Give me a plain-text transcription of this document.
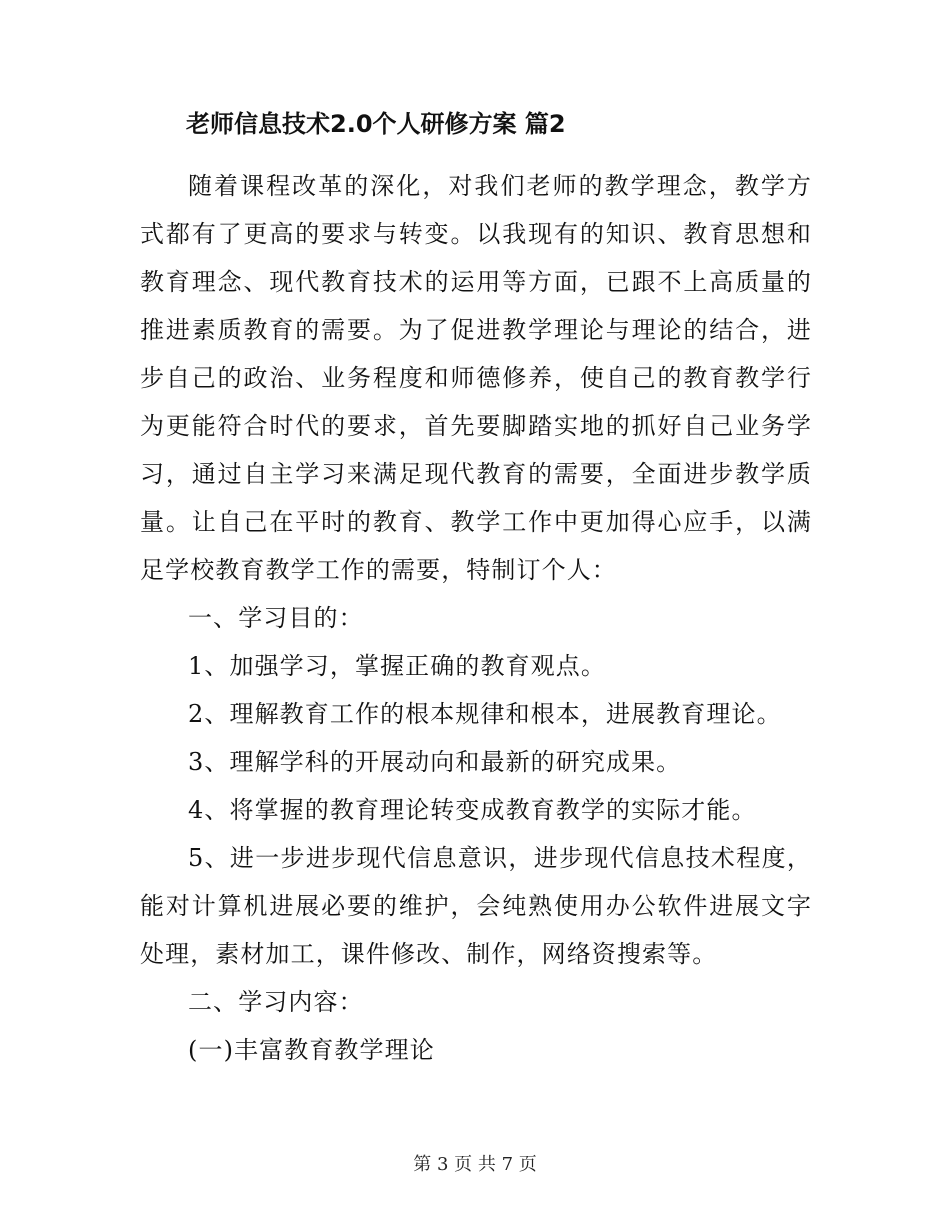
老师信息技术2.0个人研修方案 篇2

随着课程改革的深化，对我们老师的教学理念，教学方式都有了更高的要求与转变。以我现有的知识、教育思想和教育理念、现代教育技术的运用等方面，已跟不上高质量的推进素质教育的需要。为了促进教学理论与理论的结合，进步自己的政治、业务程度和师德修养，使自己的教育教学行为更能符合时代的要求，首先要脚踏实地的抓好自己业务学习，通过自主学习来满足现代教育的需要，全面进步教学质量。让自己在平时的教育、教学工作中更加得心应手，以满足学校教育教学工作的需要，特制订个人：

一、学习目的：

1、加强学习，掌握正确的教育观点。

2、理解教育工作的根本规律和根本，进展教育理论。

3、理解学科的开展动向和最新的研究成果。

4、将掌握的教育理论转变成教育教学的实际才能。

5、进一步进步现代信息意识，进步现代信息技术程度，能对计算机进展必要的维护，会纯熟使用办公软件进展文字处理，素材加工，课件修改、制作，网络资搜索等。

二、学习内容：

(一)丰富教育教学理论

第 3 页 共 7 页
